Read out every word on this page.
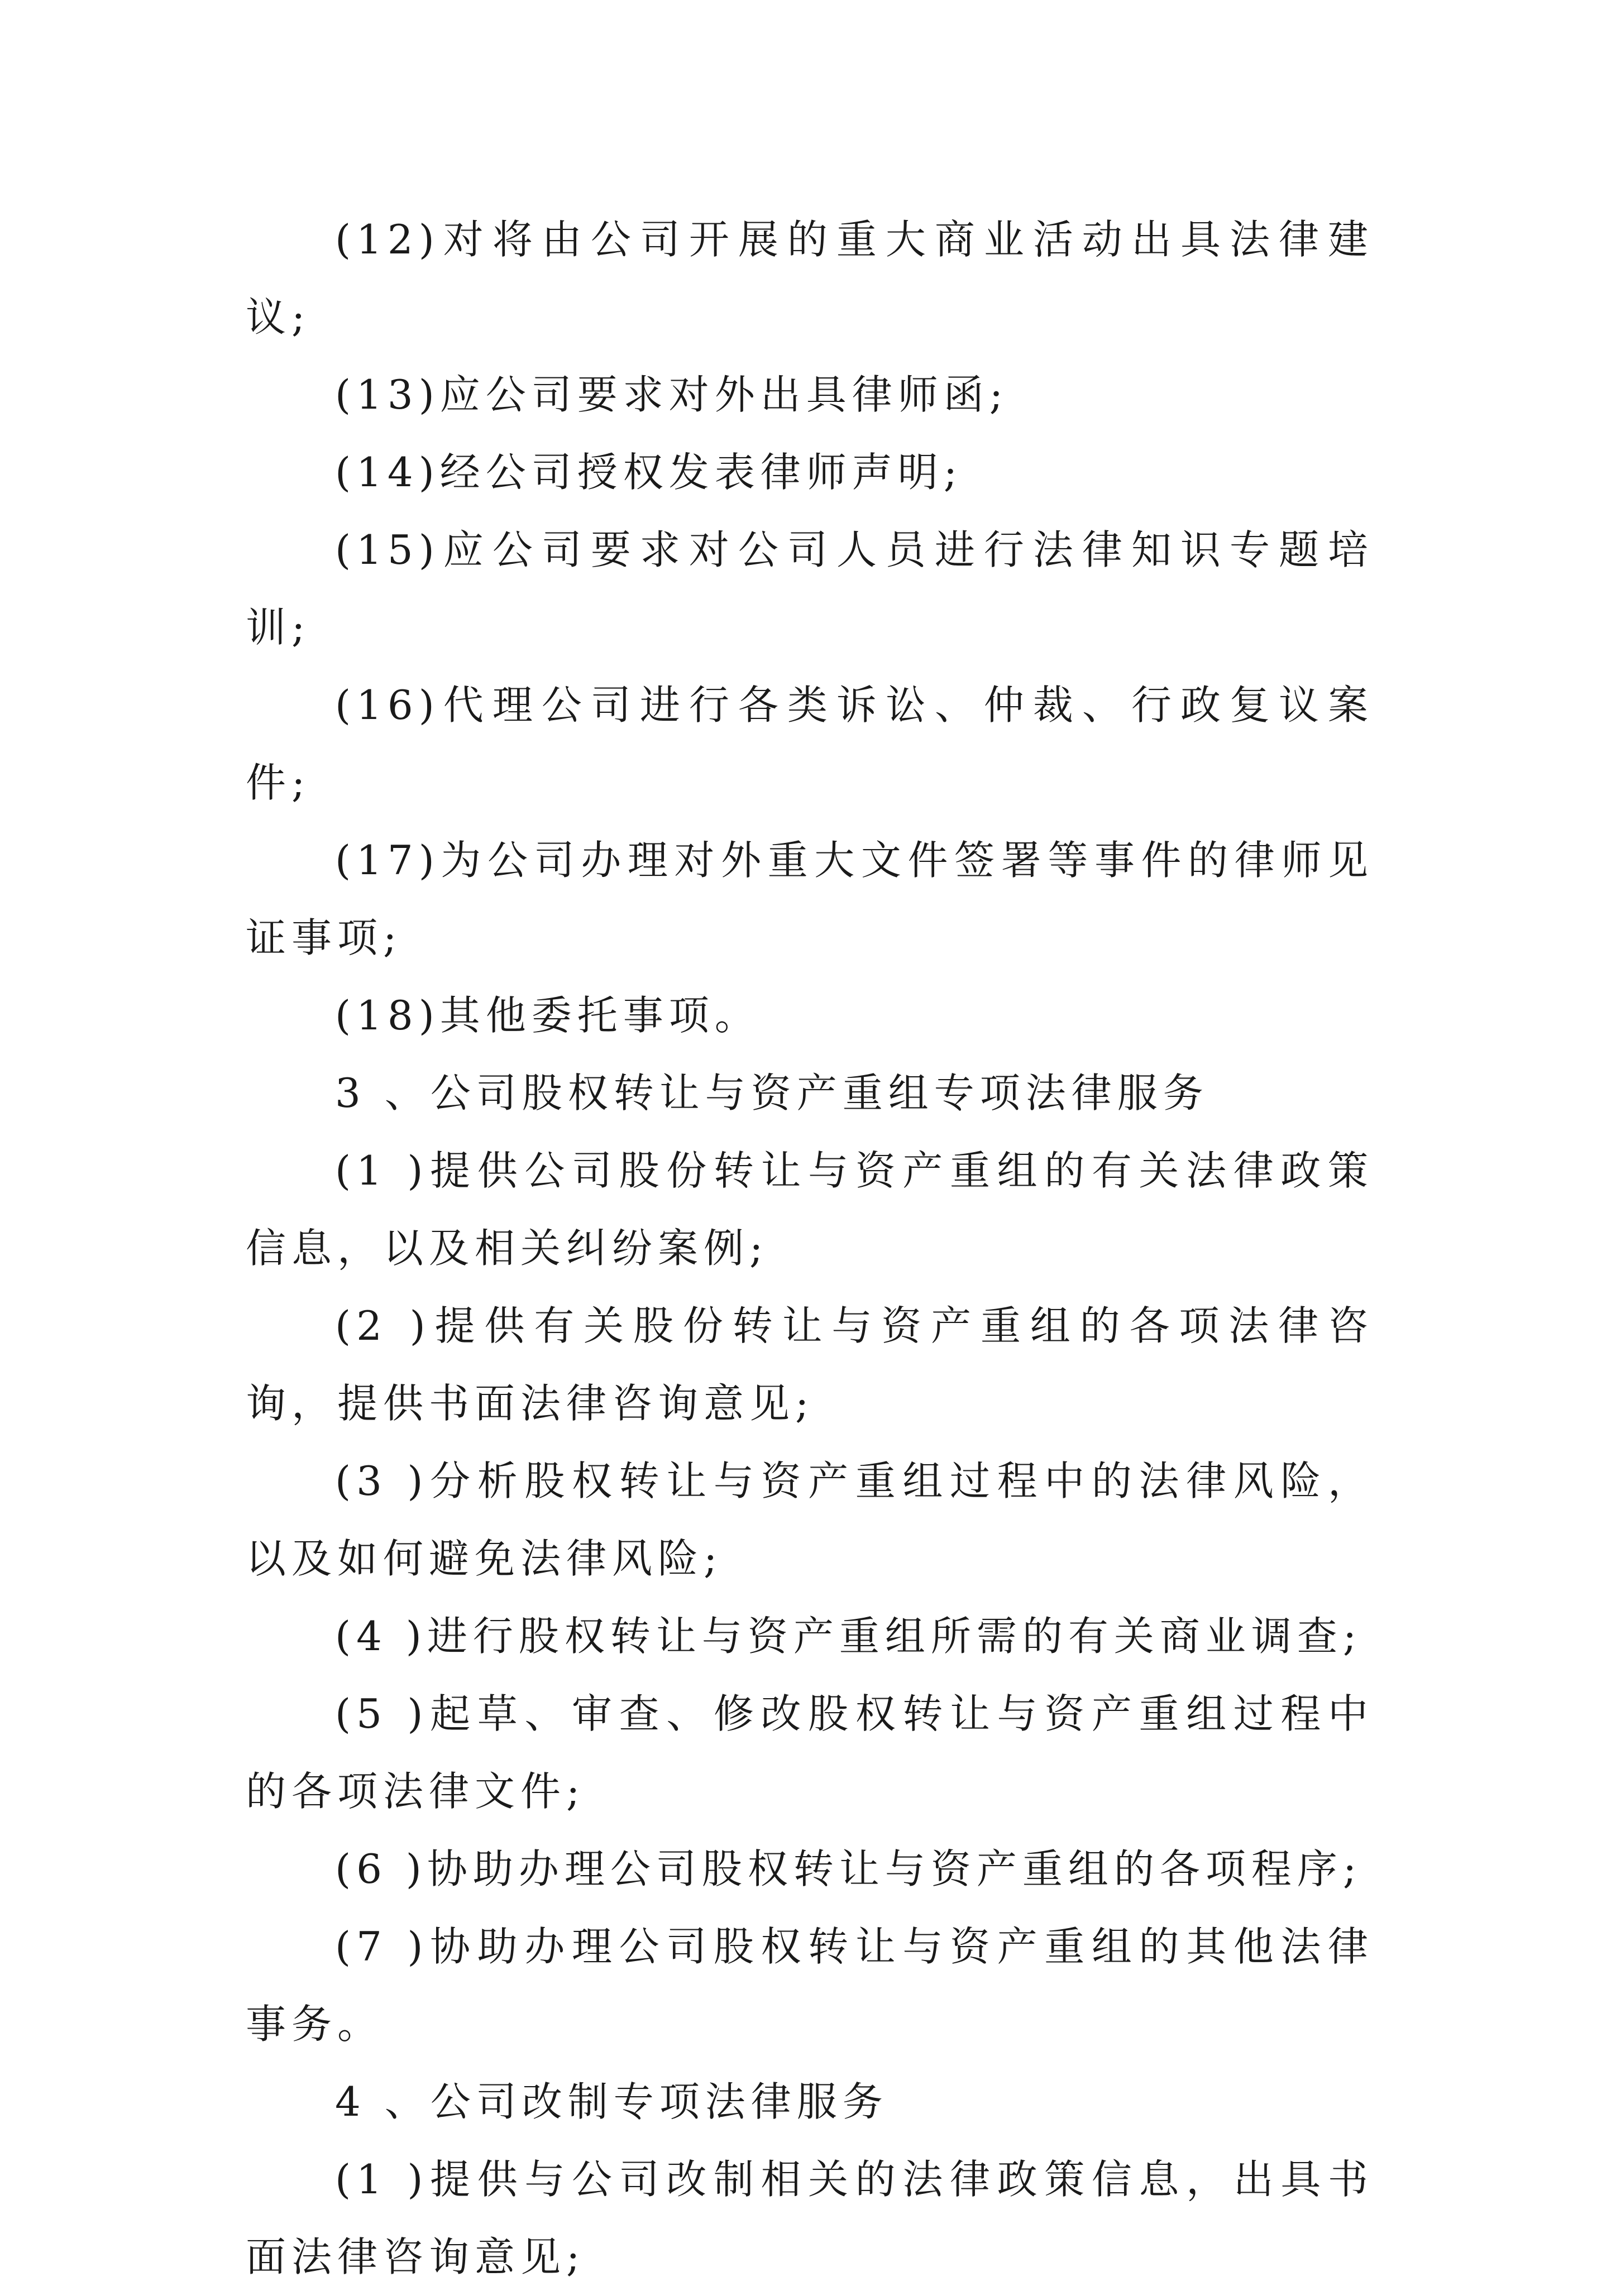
(12)对将由公司开展的重大商业活动出具法律建议;

(13)应公司要求对外出具律师函;

(14)经公司授权发表律师声明;

(15)应公司要求对公司人员进行法律知识专题培训;

(16)代理公司进行各类诉讼、仲裁、行政复议案件;

(17)为公司办理对外重大文件签署等事件的律师见证事项;

(18)其他委托事项。

3 、公司股权转让与资产重组专项法律服务

(1 )提供公司股份转让与资产重组的有关法律政策信息，以及相关纠纷案例;

(2 )提供有关股份转让与资产重组的各项法律咨询，提供书面法律咨询意见;

(3 )分析股权转让与资产重组过程中的法律风险，以及如何避免法律风险;

(4 )进行股权转让与资产重组所需的有关商业调查;

(5 )起草、审查、修改股权转让与资产重组过程中的各项法律文件;

(6 )协助办理公司股权转让与资产重组的各项程序;

(7 )协助办理公司股权转让与资产重组的其他法律事务。

4 、公司改制专项法律服务

(1 )提供与公司改制相关的法律政策信息，出具书面法律咨询意见;
